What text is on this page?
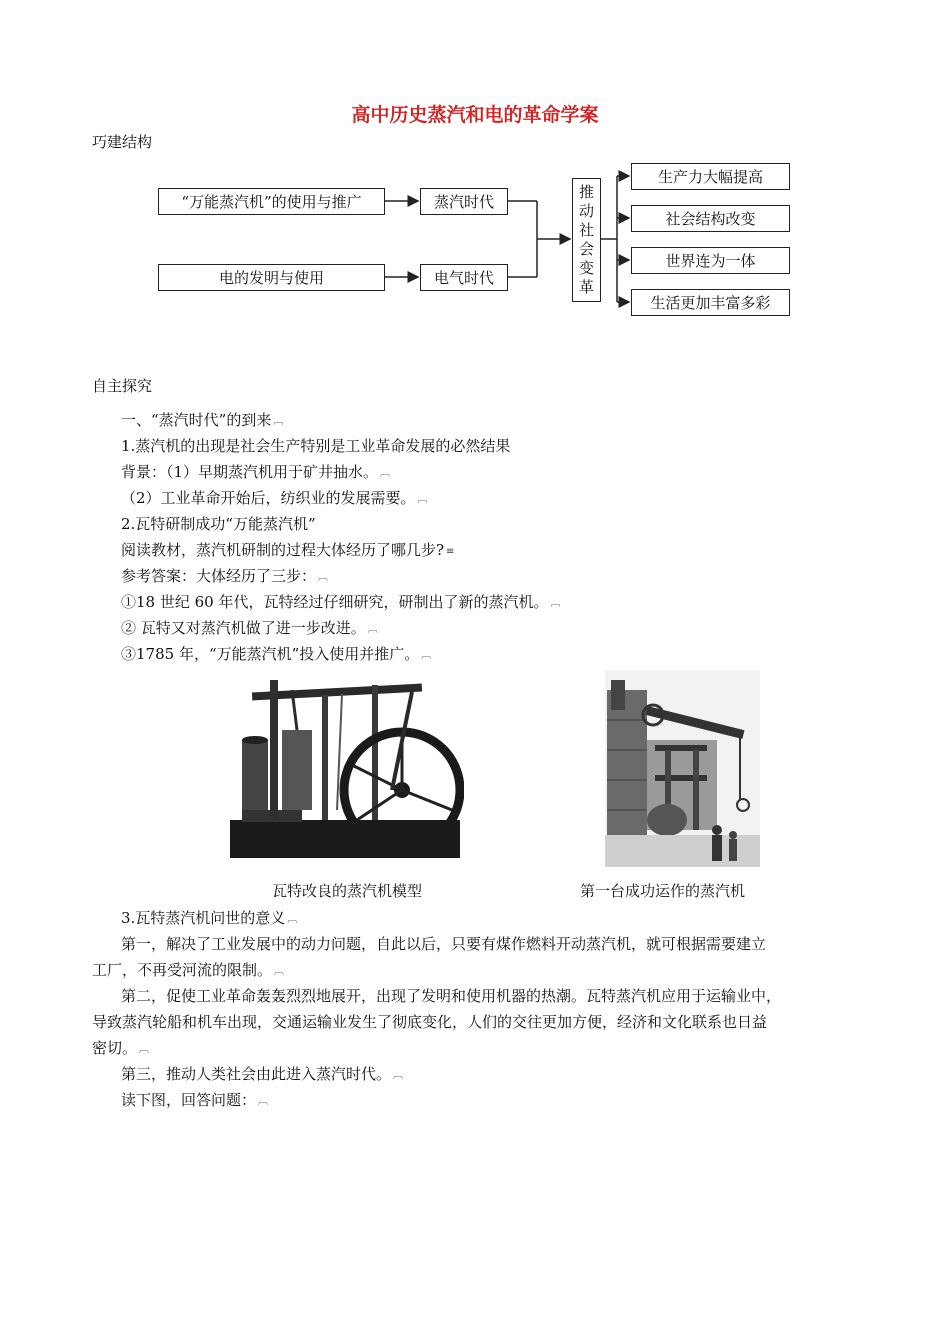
高中历史蒸汽和电的革命学案
巧建结构
“万能蒸汽机”的使用与推广
电的发明与使用
蒸汽时代
电气时代
推
动
社
会
变
革
生产力大幅提高
社会结构改变
世界连为一体
生活更加丰富多彩
自主探究
一、“蒸汽时代”的到来 ︹
1.蒸汽机的出现是社会生产特别是工业革命发展的必然结果
背景：（1）早期蒸汽机用于矿井抽水。 ︹
（2）工业革命开始后，纺织业的发展需要。 ︹
2.瓦特研制成功“万能蒸汽机”
阅读教材，蒸汽机研制的过程大体经历了哪几步? ≡
参考答案：大体经历了三步： ︹
①18 世纪 60 年代，瓦特经过仔细研究，研制出了新的蒸汽机。 ︹
② 瓦特又对蒸汽机做了进一步改进。 ︹
③1785 年，“万能蒸汽机”投入使用并推广。 ︹
瓦特改良的蒸汽机模型	第一台成功运作的蒸汽机
3.瓦特蒸汽机问世的意义 ︹
第一，解决了工业发展中的动力问题，自此以后，只要有煤作燃料开动蒸汽机，就可根据需要建立
工厂，不再受河流的限制。 ︹
第二，促使工业革命轰轰烈烈地展开，出现了发明和使用机器的热潮。瓦特蒸汽机应用于运输业中，
导致蒸汽轮船和机车出现，交通运输业发生了彻底变化，人们的交往更加方便，经济和文化联系也日益
密切。 ︹
第三，推动人类社会由此进入蒸汽时代。 ︹
读下图，回答问题： ︹
